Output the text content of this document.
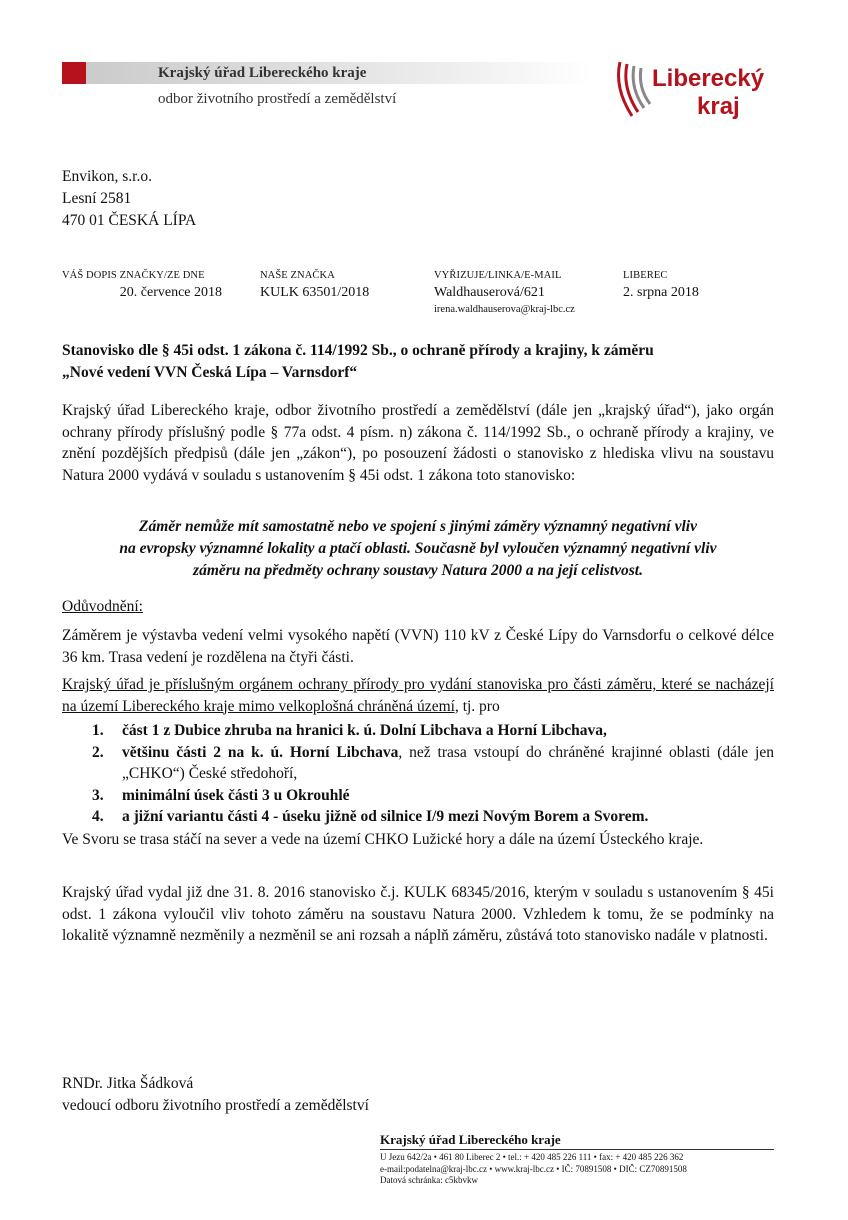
Krajský úřad Libereckého kraje
odbor životního prostředí a zemědělství
Liberecký
kraj
Envikon, s.r.o.
Lesní 2581
470 01 ČESKÁ LÍPA
VÁŠ DOPIS ZNAČKY/ZE DNE
20. července 2018
NAŠE ZNAČKA
KULK 63501/2018
VYŘIZUJE/LINKA/E-MAIL
Waldhauserová/621
irena.waldhauserova@kraj-lbc.cz
LIBEREC
2. srpna 2018
Stanovisko dle § 45i odst. 1 zákona č. 114/1992 Sb., o ochraně přírody a krajiny, k záměru
„Nové vedení VVN Česká Lípa – Varnsdorf“
Krajský úřad Libereckého kraje, odbor životního prostředí a zemědělství (dále jen „krajský úřad“), jako orgán ochrany přírody příslušný podle § 77a odst. 4 písm. n) zákona č. 114/1992 Sb., o ochraně přírody a krajiny, ve znění pozdějších předpisů (dále jen „zákon“), po posouzení žádosti o stanovisko z hlediska vlivu na soustavu Natura 2000 vydává v souladu s ustanovením § 45i odst. 1 zákona toto stanovisko:
Záměr nemůže mít samostatně nebo ve spojení s jinými záměry významný negativní vliv
na evropsky významné lokality a ptačí oblasti. Současně byl vyloučen významný negativní vliv
záměru na předměty ochrany soustavy Natura 2000 a na její celistvost.
Odůvodnění:
Záměrem je výstavba vedení velmi vysokého napětí (VVN) 110 kV z České Lípy do Varnsdorfu o celkové délce 36 km. Trasa vedení je rozdělena na čtyři části.
Krajský úřad je příslušným orgánem ochrany přírody pro vydání stanoviska pro části záměru, které se nacházejí na území Libereckého kraje mimo velkoplošná chráněná území, tj. pro
1. část 1 z Dubice zhruba na hranici k. ú. Dolní Libchava a Horní Libchava,
2. většinu části 2 na k. ú. Horní Libchava, než trasa vstoupí do chráněné krajinné oblasti (dále jen „CHKO“) České středohoří,
3. minimální úsek části 3 u Okrouhlé
4. a jižní variantu části 4 - úseku jižně od silnice I/9 mezi Novým Borem a Svorem.
Ve Svoru se trasa stáčí na sever a vede na území CHKO Lužické hory a dále na území Ústeckého kraje.
Krajský úřad vydal již dne 31. 8. 2016 stanovisko č.j. KULK 68345/2016, kterým v souladu s ustanovením § 45i odst. 1 zákona vyloučil vliv tohoto záměru na soustavu Natura 2000. Vzhledem k tomu, že se podmínky na lokalitě významně nezměnily a nezměnil se ani rozsah a náplň záměru, zůstává toto stanovisko nadále v platnosti.
RNDr. Jitka Šádková
vedoucí odboru životního prostředí a zemědělství
Krajský úřad Libereckého kraje
U Jezu 642/2a • 461 80 Liberec 2 • tel.: + 420 485 226 111 • fax: + 420 485 226 362
e-mail:podatelna@kraj-lbc.cz • www.kraj-lbc.cz • IČ: 70891508 • DIČ: CZ70891508
Datová schránka: c5kbvkw
